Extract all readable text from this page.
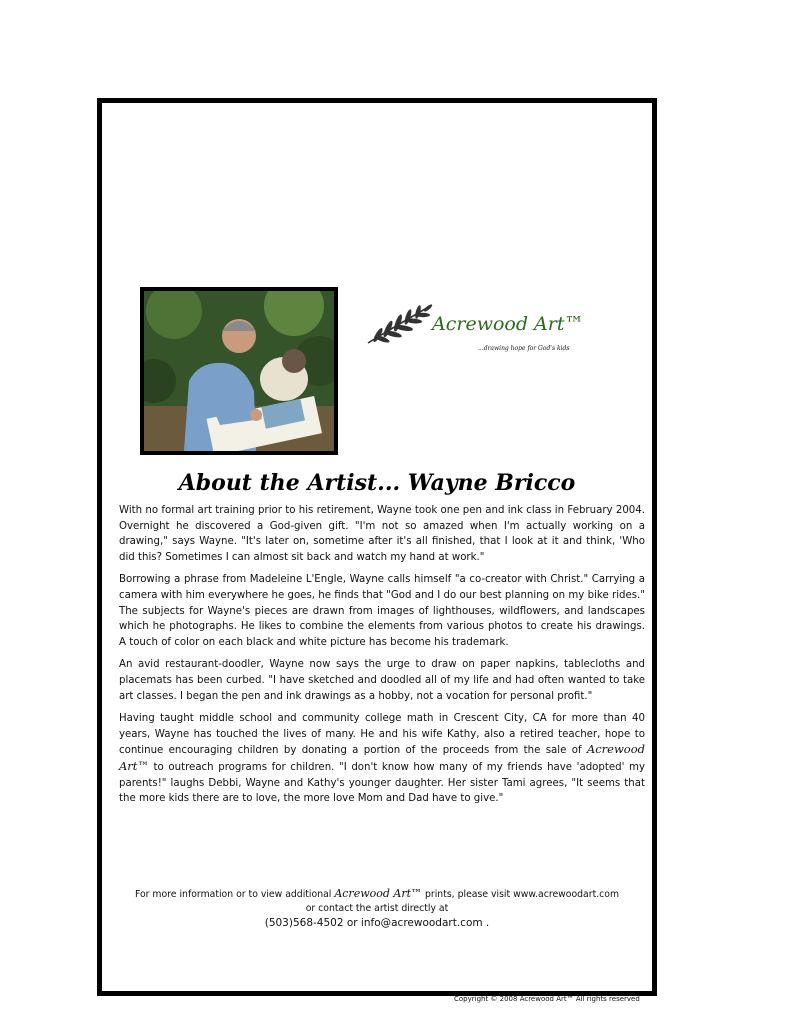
Acrewood Art™
...drawing hope for God's kids
About the Artist... Wayne Bricco

With no formal art training prior to his retirement, Wayne took one pen and ink class in February 2004. Overnight he discovered a God-given gift. "I'm not so amazed when I'm actually working on a drawing," says Wayne. "It's later on, sometime after it's all finished, that I look at it and think, 'Who did this? Sometimes I can almost sit back and watch my hand at work."

Borrowing a phrase from Madeleine L'Engle, Wayne calls himself "a co-creator with Christ." Carrying a camera with him everywhere he goes, he finds that "God and I do our best planning on my bike rides." The subjects for Wayne's pieces are drawn from images of lighthouses, wildflowers, and landscapes which he photographs. He likes to combine the elements from various photos to create his drawings. A touch of color on each black and white picture has become his trademark.

An avid restaurant-doodler, Wayne now says the urge to draw on paper napkins, tablecloths and placemats has been curbed. "I have sketched and doodled all of my life and had often wanted to take art classes. I began the pen and ink drawings as a hobby, not a vocation for personal profit."

Having taught middle school and community college math in Crescent City, CA for more than 40 years, Wayne has touched the lives of many. He and his wife Kathy, also a retired teacher, hope to continue encouraging children by donating a portion of the proceeds from the sale of Acrewood Art™ to outreach programs for children. "I don't know how many of my friends have 'adopted' my parents!" laughs Debbi, Wayne and Kathy's younger daughter. Her sister Tami agrees, "It seems that the more kids there are to love, the more love Mom and Dad have to give."

For more information or to view additional Acrewood Art™ prints, please visit www.acrewoodart.com
or contact the artist directly at
(503)568-4502 or info@acrewoodart.com .
Copyright © 2008 Acrewood Art™ All rights reserved
